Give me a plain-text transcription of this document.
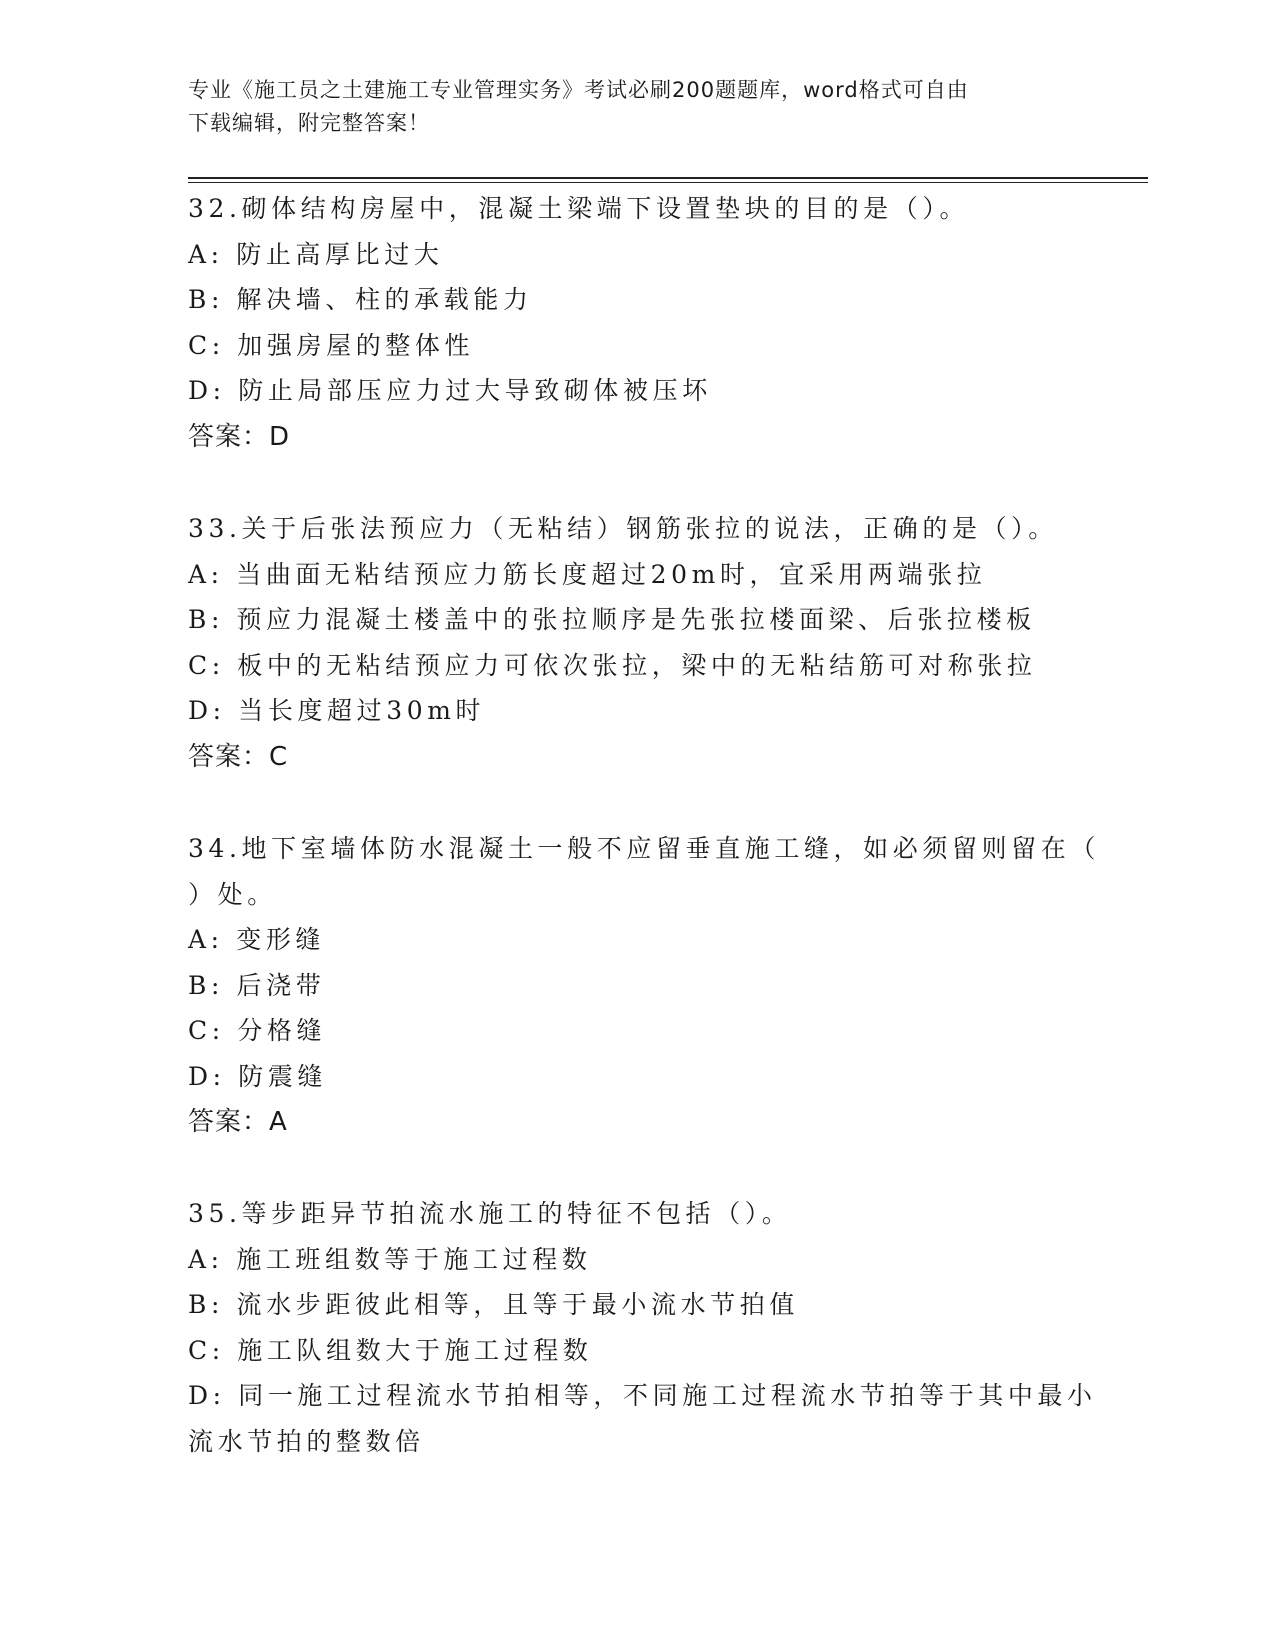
专业《施工员之土建施工专业管理实务》考试必刷200题题库，word格式可自由
下载编辑，附完整答案！
32.砌体结构房屋中，混凝土梁端下设置垫块的目的是（）。
A: 防止高厚比过大
B: 解决墙、柱的承载能力
C: 加强房屋的整体性
D: 防止局部压应力过大导致砌体被压坏
答案：D
33.关于后张法预应力（无粘结）钢筋张拉的说法，正确的是（）。
A: 当曲面无粘结预应力筋长度超过20m时，宜采用两端张拉
B: 预应力混凝土楼盖中的张拉顺序是先张拉楼面梁、后张拉楼板
C: 板中的无粘结预应力可依次张拉，梁中的无粘结筋可对称张拉
D: 当长度超过30m时
答案：C
34.地下室墙体防水混凝土一般不应留垂直施工缝，如必须留则留在（
）处。
A: 变形缝
B: 后浇带
C: 分格缝
D: 防震缝
答案：A
35.等步距异节拍流水施工的特征不包括（）。
A: 施工班组数等于施工过程数
B: 流水步距彼此相等，且等于最小流水节拍值
C: 施工队组数大于施工过程数
D: 同一施工过程流水节拍相等，不同施工过程流水节拍等于其中最小
流水节拍的整数倍
